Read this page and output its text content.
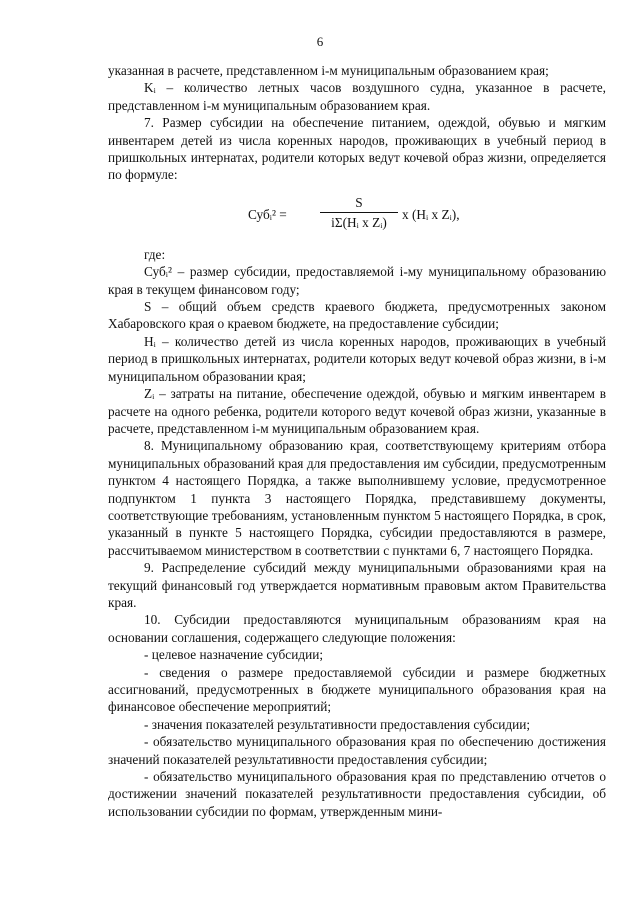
6

указанная в расчете, представленном i-м муниципальным образованием края;

Kᵢ – количество летных часов воздушного судна, указанное в расчете, представленном i-м муниципальным образованием края.

7. Размер субсидии на обеспечение питанием, одеждой, обувью и мягким инвентарем детей из числа коренных народов, проживающих в учебный период в пришкольных интернатах, родители которых ведут кочевой образ жизни, определяется по формуле:

Субᵢ² = $\frac{S}{\text{iΣ(Hᵢ x Zᵢ)}}$ x (Hᵢ x Zᵢ),

где:

Субᵢ² – размер субсидии, предоставляемой i-му муниципальному образованию края в текущем финансовом году;

S – общий объем средств краевого бюджета, предусмотренных законом Хабаровского края о краевом бюджете, на предоставление субсидии;

Hᵢ – количество детей из числа коренных народов, проживающих в учебный период в пришкольных интернатах, родители которых ведут кочевой образ жизни, в i-м муниципальном образовании края;

Zᵢ – затраты на питание, обеспечение одеждой, обувью и мягким инвентарем в расчете на одного ребенка, родители которого ведут кочевой образ жизни, указанные в расчете, представленном i-м муниципальным образованием края.

8. Муниципальному образованию края, соответствующему критериям отбора муниципальных образований края для предоставления им субсидии, предусмотренным пунктом 4 настоящего Порядка, а также выполнившему условие, предусмотренное подпунктом 1 пункта 3 настоящего Порядка, представившему документы, соответствующие требованиям, установленным пунктом 5 настоящего Порядка, в срок, указанный в пункте 5 настоящего Порядка, субсидии предоставляются в размере, рассчитываемом министерством в соответствии с пунктами 6, 7 настоящего Порядка.

9. Распределение субсидий между муниципальными образованиями края на текущий финансовый год утверждается нормативным правовым актом Правительства края.

10. Субсидии предоставляются муниципальным образованиям края на основании соглашения, содержащего следующие положения:

- целевое назначение субсидии;

- сведения о размере предоставляемой субсидии и размере бюджетных ассигнований, предусмотренных в бюджете муниципального образования края на финансовое обеспечение мероприятий;

- значения показателей результативности предоставления субсидии;

- обязательство муниципального образования края по обеспечению достижения значений показателей результативности предоставления субсидии;

- обязательство муниципального образования края по представлению отчетов о достижении значений показателей результативности предоставления субсидии, об использовании субсидии по формам, утвержденным мини-
